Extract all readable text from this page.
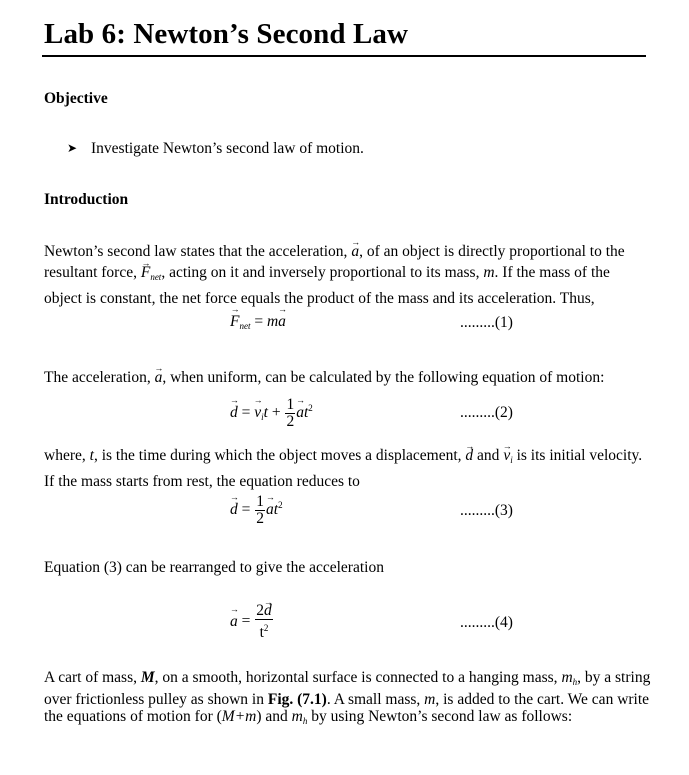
Lab 6: Newton’s Second Law
Objective
➤ Investigate Newton’s second law of motion.
Introduction
Newton’s second law states that the acceleration, → a, of an object is directly proportional to the
resultant force, → $F_{net}$, acting on it and inversely proportional to its mass, m. If the mass of the
object is constant, the net force equals the product of the mass and its acceleration. Thus,
→ $F_{net} = m\to a$	.........(1)
The acceleration, → a, when uniform, can be calculated by the following equation of motion:
→ d = → $v_it + \frac{1}{2}$
→ $at^2$	.........(2)
where, t, is the time during which the object moves a displacement, → d and → $v_i$ is its initial velocity.
If the mass starts from rest, the equation reduces to
→ $d = \frac{1}{2}$
→ $at^2$	.........(3)
Equation (3) can be rearranged to give the acceleration
→ $a = \frac{2\to d}{t^2}$	.........(4)
A cart of mass, M, on a smooth, horizontal surface is connected to a hanging mass, $m_h$, by a string
over frictionless pulley as shown in Fig. (7.1). A small mass, m, is added to the cart. We can write
the equations of motion for (M+m) and $m_h$ by using Newton’s second law as follows:
